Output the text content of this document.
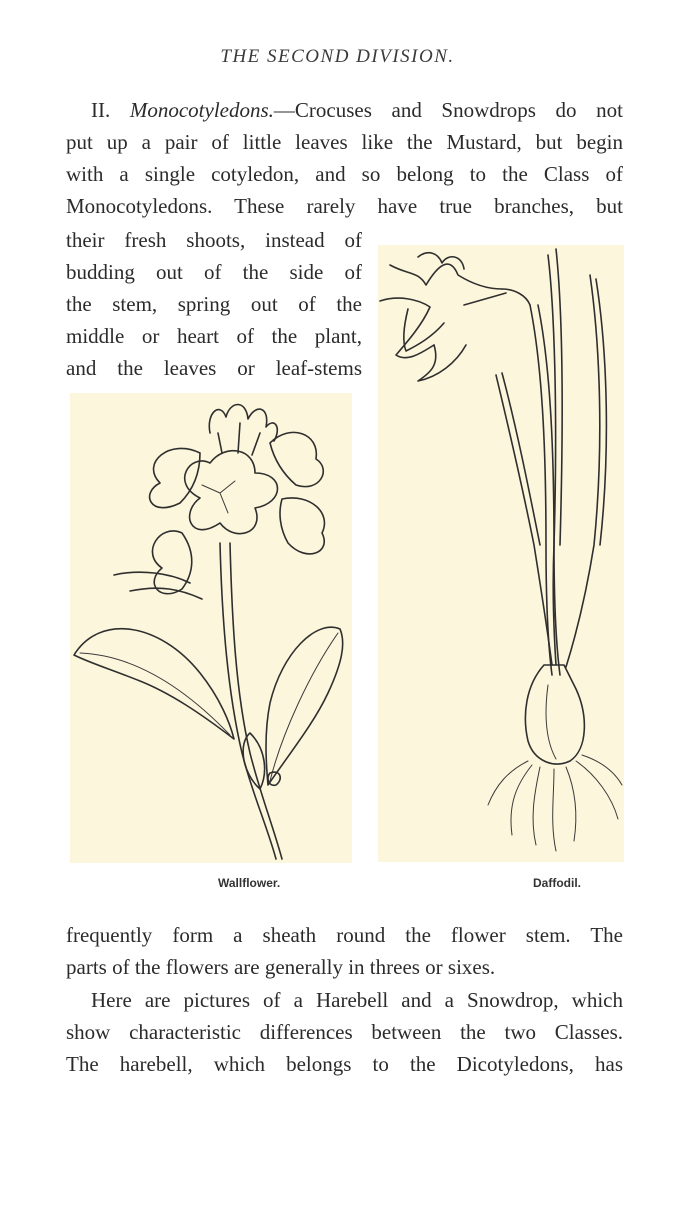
THE SECOND DIVISION.
II. Monocotyledons.—Crocuses and Snowdrops do not
put up a pair of little leaves like the Mustard, but begin
with a single cotyledon, and so belong to the Class of
Monocotyledons. These rarely have true branches, but
their fresh shoots, instead of
budding out of the side of
the stem, spring out of the
middle or heart of the plant,
and the leaves or leaf-stems
Wallflower.	Daffodil.
frequently form a sheath round the flower stem. The
parts of the flowers are generally in threes or sixes.
Here are pictures of a Harebell and a Snowdrop, which
show characteristic differences between the two Classes.
The harebell, which belongs to the Dicotyledons, has
